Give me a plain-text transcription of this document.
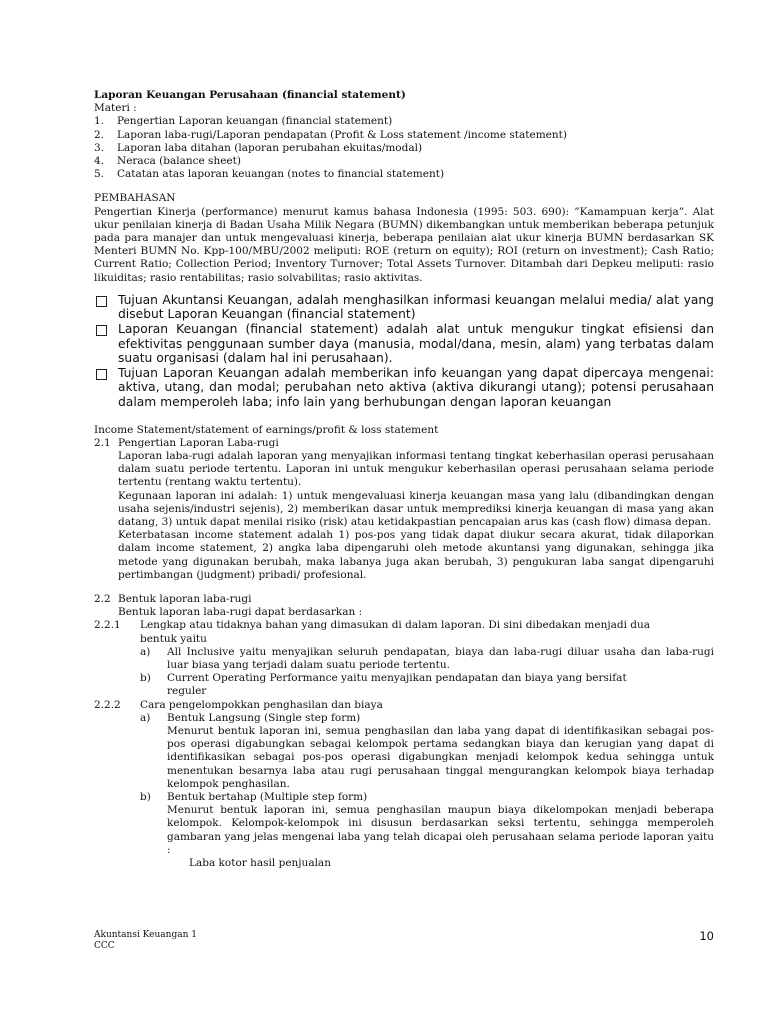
Laporan Keuangan Perusahaan (financial statement)
Materi :
1.	Pengertian Laporan keuangan (financial statement)
2.	Laporan laba-rugi/Laporan pendapatan (Profit & Loss statement /income statement)
3.	Laporan laba ditahan (laporan perubahan ekuitas/modal)
4.	Neraca (balance sheet)
5.	Catatan atas laporan keuangan (notes to financial statement)
PEMBAHASAN
Pengertian Kinerja (performance) menurut kamus bahasa Indonesia (1995: 503. 690): ”Kamampuan kerja”. Alat ukur penilaian kinerja di Badan Usaha Milik Negara (BUMN) dikembangkan untuk memberikan beberapa petunjuk pada para manajer dan untuk mengevaluasi kinerja, beberapa penilaian alat ukur kinerja BUMN berdasarkan SK Menteri BUMN No. Kpp-100/MBU/2002 meliputi: ROE (return on equity); ROI (return on investment); Cash Ratio; Current Ratio; Collection Period; Inventory Turnover; Total Assets Turnover. Ditambah dari Depkeu meliputi: rasio likuiditas; rasio rentabilitas; rasio solvabilitas; rasio aktivitas.
Tujuan Akuntansi Keuangan, adalah menghasilkan informasi keuangan melalui media/ alat yang disebut Laporan Keuangan (financial statement)
Laporan Keuangan (financial statement) adalah alat untuk mengukur tingkat efisiensi dan efektivitas penggunaan sumber daya (manusia, modal/dana, mesin, alam) yang terbatas dalam suatu organisasi (dalam hal ini perusahaan).
Tujuan Laporan Keuangan adalah memberikan info keuangan yang dapat dipercaya mengenai: aktiva, utang, dan modal; perubahan neto aktiva (aktiva dikurangi utang); potensi perusahaan dalam memperoleh laba; info lain yang berhubungan dengan laporan keuangan
Income Statement/statement of earnings/profit & loss statement
2.1 Pengertian Laporan Laba-rugi
Laporan laba-rugi adalah laporan yang menyajikan informasi tentang tingkat keberhasilan operasi perusahaan dalam suatu periode tertentu. Laporan ini untuk mengukur keberhasilan operasi perusahaan selama periode tertentu (rentang waktu tertentu).
Kegunaan laporan ini adalah: 1) untuk mengevaluasi kinerja keuangan masa yang lalu (dibandingkan dengan usaha sejenis/industri sejenis), 2) memberikan dasar untuk memprediksi kinerja keuangan di masa yang akan datang, 3) untuk dapat menilai risiko (risk) atau ketidakpastian pencapaian arus kas (cash flow) dimasa depan.
Keterbatasan income statement adalah 1) pos-pos yang tidak dapat diukur secara akurat, tidak dilaporkan dalam income statement, 2) angka laba dipengaruhi oleh metode akuntansi yang digunakan, sehingga jika metode yang digunakan berubah, maka labanya juga akan berubah, 3) pengukuran laba sangat dipengaruhi pertimbangan (judgment) pribadi/ profesional.
2.2 Bentuk laporan laba-rugi
Bentuk laporan laba-rugi dapat berdasarkan :
2.2.1	Lengkap atau tidaknya bahan yang dimasukan di dalam laporan. Di sini dibedakan menjadi dua
bentuk yaitu
a)	All Inclusive yaitu menyajikan seluruh pendapatan, biaya dan laba-rugi diluar usaha dan laba-rugi luar biasa yang terjadi dalam suatu periode tertentu.
b)	Current Operating Performance yaitu menyajikan pendapatan dan biaya yang bersifat
reguler
2.2.2	Cara pengelompokkan penghasilan dan biaya
a)	Bentuk Langsung (Single step form)
Menurut bentuk laporan ini, semua penghasilan dan laba yang dapat di identifikasikan sebagai pos-pos operasi digabungkan sebagai kelompok pertama sedangkan biaya dan kerugian yang dapat di identifikasikan sebagai pos-pos operasi digabungkan menjadi kelompok kedua sehingga untuk menentukan besarnya laba atau rugi perusahaan tinggal mengurangkan kelompok biaya terhadap kelompok penghasilan.
b)	Bentuk bertahap (Multiple step form)
Menurut bentuk laporan ini, semua penghasilan maupun biaya dikelompokan menjadi beberapa kelompok. Kelompok-kelompok ini disusun berdasarkan seksi tertentu, sehingga memperoleh gambaran yang jelas mengenai laba yang telah dicapai oleh perusahaan selama periode laporan yaitu :
Laba kotor hasil penjualan
Akuntansi Keuangan 1
CCC
10
